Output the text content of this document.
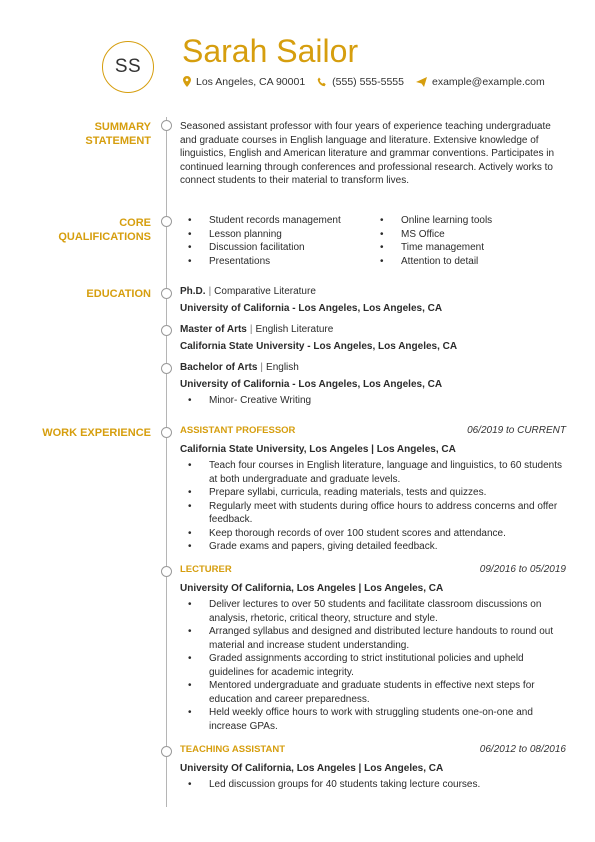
SS Sarah Sailor
Los Angeles, CA 90001	(555) 555-5555	example@example.com
SUMMARY
STATEMENT
Seasoned assistant professor with four years of experience teaching undergraduate and graduate courses in English language and literature. Extensive knowledge of linguistics, English and American literature and grammar conventions. Participates in continued learning through conferences and professional research. Actively works to connect students to their material to transform lives.
CORE
QUALIFICATIONS
• Student records management
• Lesson planning
• Discussion facilitation
• Presentations
• Online learning tools
• MS Office
• Time management
• Attention to detail
EDUCATION	Ph.D. | Comparative Literature
University of California - Los Angeles, Los Angeles, CA
Master of Arts | English Literature
California State University - Los Angeles, Los Angeles, CA
Bachelor of Arts | English
University of California - Los Angeles, Los Angeles, CA
• Minor- Creative Writing
WORK EXPERIENCE	ASSISTANT PROFESSOR	06/2019 to CURRENT
California State University, Los Angeles | Los Angeles, CA
• Teach four courses in English literature, language and linguistics, to 60 students at both undergraduate and graduate levels.
• Prepare syllabi, curricula, reading materials, tests and quizzes.
• Regularly meet with students during office hours to address concerns and offer feedback.
• Keep thorough records of over 100 student scores and attendance.
• Grade exams and papers, giving detailed feedback.
LECTURER	09/2016 to 05/2019
University Of California, Los Angeles | Los Angeles, CA
• Deliver lectures to over 50 students and facilitate classroom discussions on analysis, rhetoric, critical theory, structure and style.
• Arranged syllabus and designed and distributed lecture handouts to round out material and increase student understanding.
• Graded assignments according to strict institutional policies and upheld guidelines for academic integrity.
• Mentored undergraduate and graduate students in effective next steps for education and career preparedness.
• Held weekly office hours to work with struggling students one-on-one and increase GPAs.
TEACHING ASSISTANT	06/2012 to 08/2016
University Of California, Los Angeles | Los Angeles, CA
• Led discussion groups for 40 students taking lecture courses.
